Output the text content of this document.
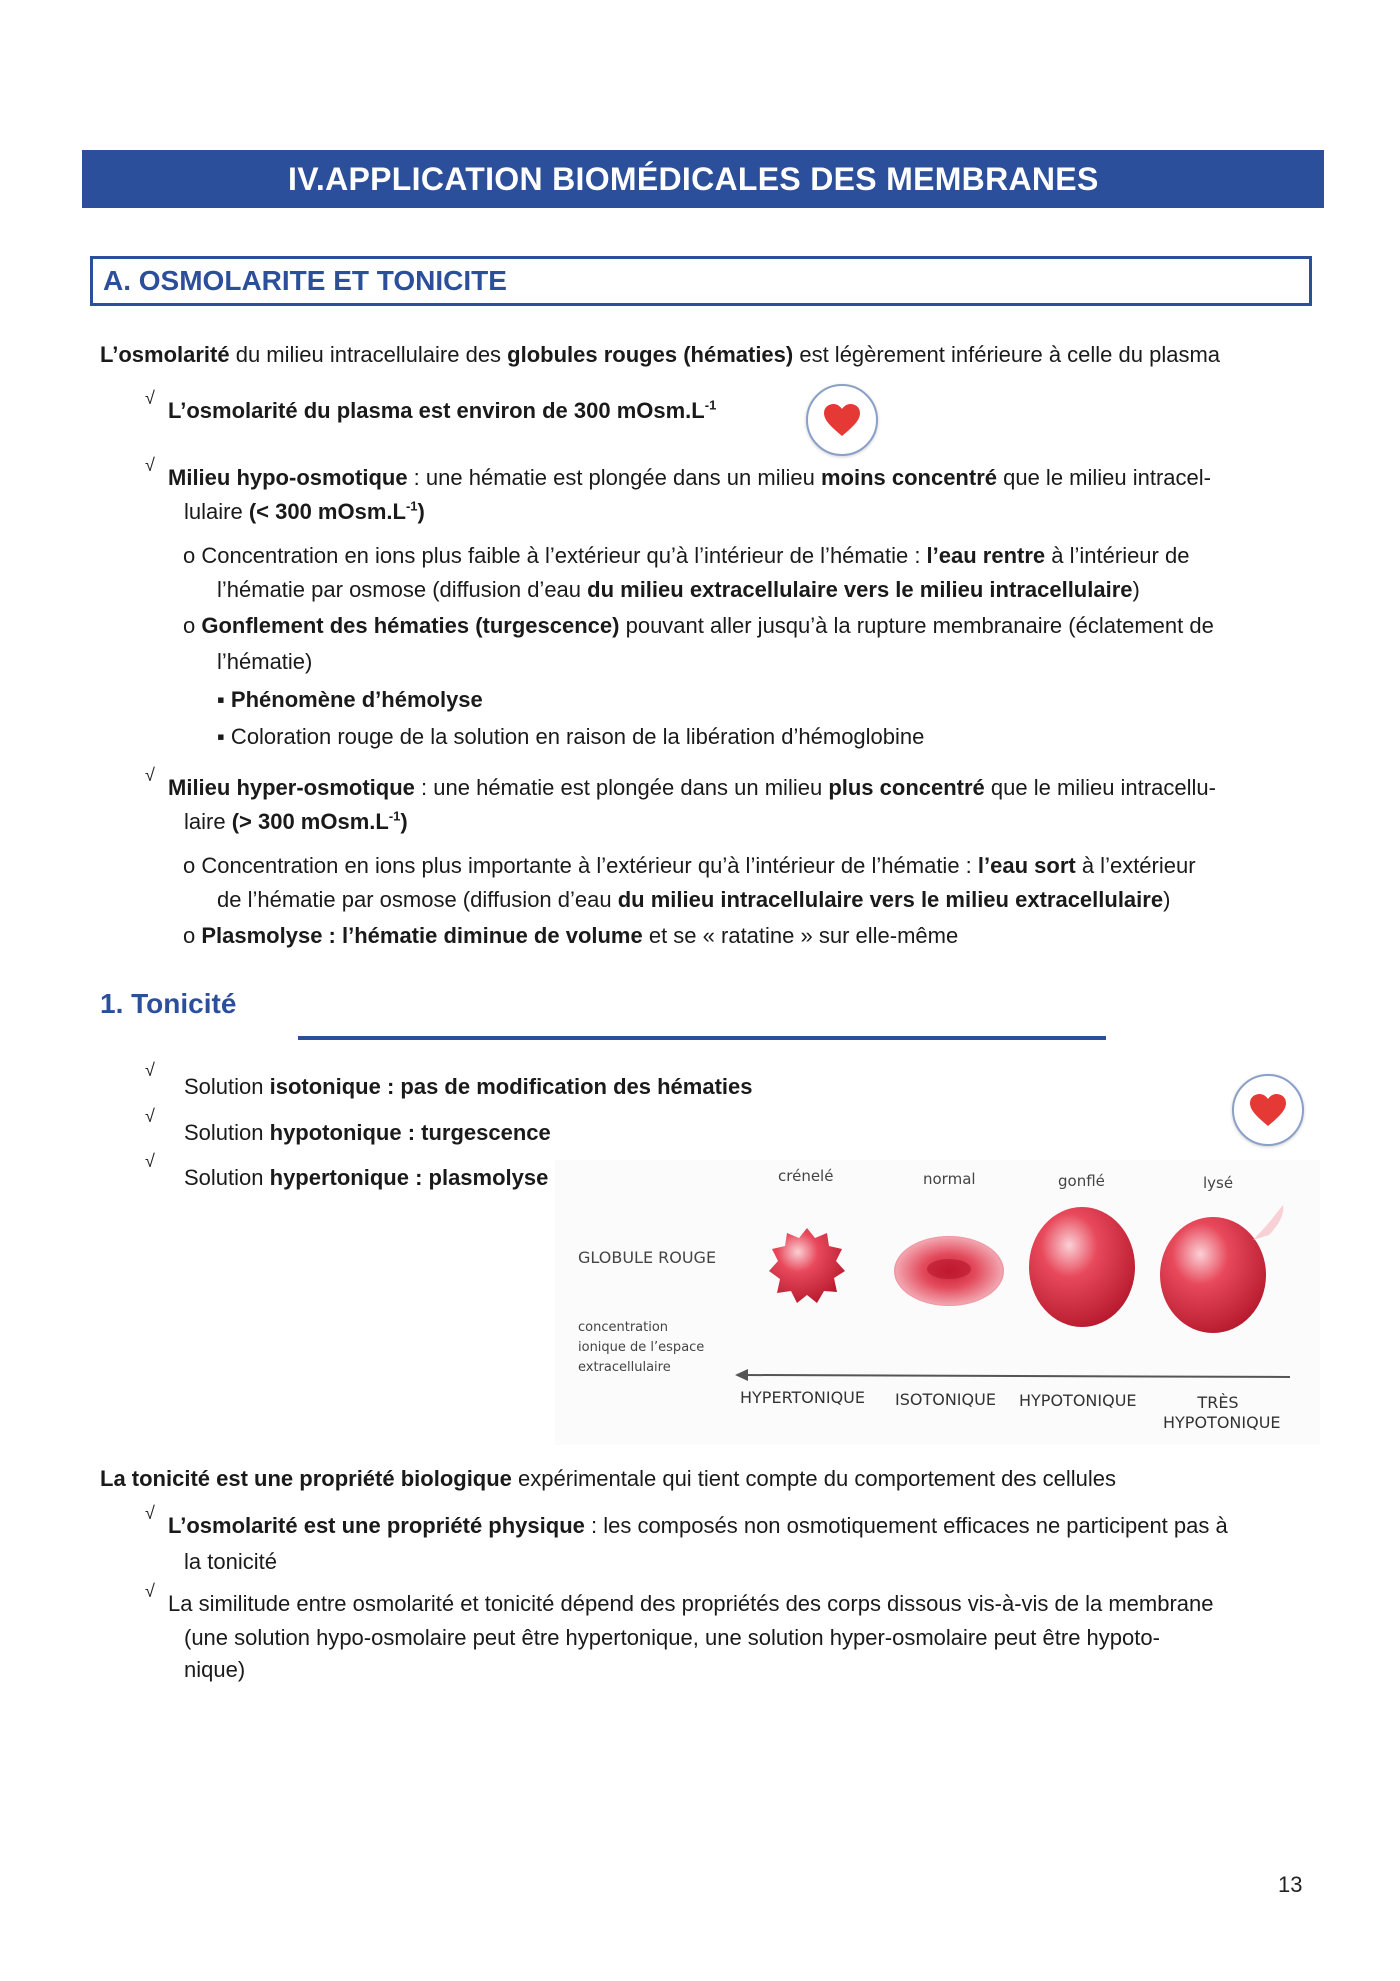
IV.APPLICATION BIOMÉDICALES DES MEMBRANES
A. OSMOLARITE ET TONICITE
L’osmolarité du milieu intracellulaire des globules rouges (hématies) est légèrement inférieure à celle du plasma
√ L’osmolarité du plasma est environ de 300 $mOsm.L^{-1}$
√ Milieu hypo-osmotique : une hématie est plongée dans un milieu moins concentré que le milieu intracel-
lulaire (< 300 $mOsm.L^{-1}$)
o Concentration en ions plus faible à l’extérieur qu’à l’intérieur de l’hématie : l’eau rentre à l’intérieur de
l’hématie par osmose (diffusion d’eau du milieu extracellulaire vers le milieu intracellulaire)
o Gonflement des hématies (turgescence) pouvant aller jusqu’à la rupture membranaire (éclatement de
l’hématie)
▪ Phénomène d’hémolyse
▪ Coloration rouge de la solution en raison de la libération d’hémoglobine
√ Milieu hyper-osmotique : une hématie est plongée dans un milieu plus concentré que le milieu intracellu-
laire (> 300 $mOsm.L^{-1}$)
o Concentration en ions plus importante à l’extérieur qu’à l’intérieur de l’hématie : l’eau sort à l’extérieur
de l’hématie par osmose (diffusion d’eau du milieu intracellulaire vers le milieu extracellulaire)
o Plasmolyse : l’hématie diminue de volume et se « ratatine » sur elle-même
1. Tonicité
√
Solution isotonique : pas de modification des hématies
√
Solution hypotonique : turgescence
√
Solution hypertonique : plasmolyse	crénelé	normal	gonflé	lysé
GLOBULE ROUGE
concentration
ionique de l’espace
extracellulaire
HYPERTONIQUE ISOTONIQUE HYPOTONIQUE	TRÈS
HYPOTONIQUE
La tonicité est une propriété biologique expérimentale qui tient compte du comportement des cellules
√ L’osmolarité est une propriété physique : les composés non osmotiquement efficaces ne participent pas à
la tonicité
√ La similitude entre osmolarité et tonicité dépend des propriétés des corps dissous vis-à-vis de la membrane
(une solution hypo-osmolaire peut être hypertonique, une solution hyper-osmolaire peut être hypoto-
nique)
13
